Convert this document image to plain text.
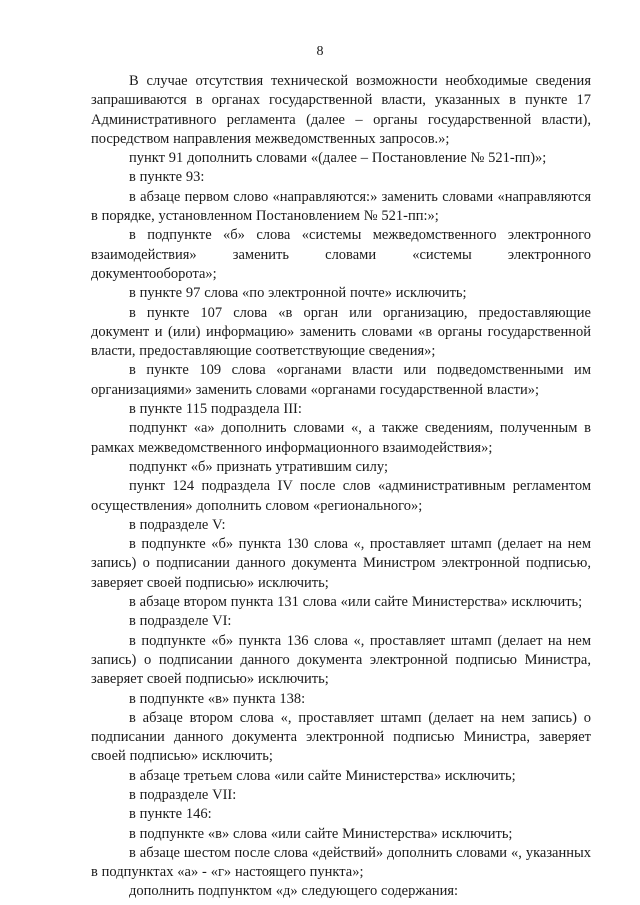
8

В случае отсутствия технической возможности необходимые сведения запрашиваются в органах государственной власти, указанных в пункте 17 Административного регламента (далее – органы государственной власти), посредством направления межведомственных запросов.»;

пункт 91 дополнить словами «(далее – Постановление № 521-пп)»;

в пункте 93:

в абзаце первом слово «направляются:» заменить словами «направляются в порядке, установленном Постановлением № 521-пп:»;

в подпункте «б» слова «системы межведомственного электронного взаимодействия» заменить словами «системы электронного документооборота»;

в пункте 97 слова «по электронной почте» исключить;

в пункте 107 слова «в орган или организацию, предоставляющие документ и (или) информацию» заменить словами «в органы государственной власти, предоставляющие соответствующие сведения»;

в пункте 109 слова «органами власти или подведомственными им организациями» заменить словами «органами государственной власти»;

в пункте 115 подраздела III:

подпункт «а» дополнить словами «, а также сведениям, полученным в рамках межведомственного информационного взаимодействия»;

подпункт «б» признать утратившим силу;

пункт 124 подраздела IV после слов «административным регламентом осуществления» дополнить словом «регионального»;

в подразделе V:

в подпункте «б» пункта 130 слова «, проставляет штамп (делает на нем запись) о подписании данного документа Министром электронной подписью, заверяет своей подписью» исключить;

в абзаце втором пункта 131 слова «или сайте Министерства» исключить;

в подразделе VI:

в подпункте «б» пункта 136 слова «, проставляет штамп (делает на нем запись) о подписании данного документа электронной подписью Министра, заверяет своей подписью» исключить;

в подпункте «в» пункта 138:

в абзаце втором слова «, проставляет штамп (делает на нем запись) о подписании данного документа электронной подписью Министра, заверяет своей подписью» исключить;

в абзаце третьем слова «или сайте Министерства» исключить;

в подразделе VII:

в пункте 146:

в подпункте «в» слова «или сайте Министерства» исключить;

в абзаце шестом после слова «действий» дополнить словами «, указанных в подпунктах «а» - «г» настоящего пункта»;

дополнить подпунктом «д» следующего содержания:
